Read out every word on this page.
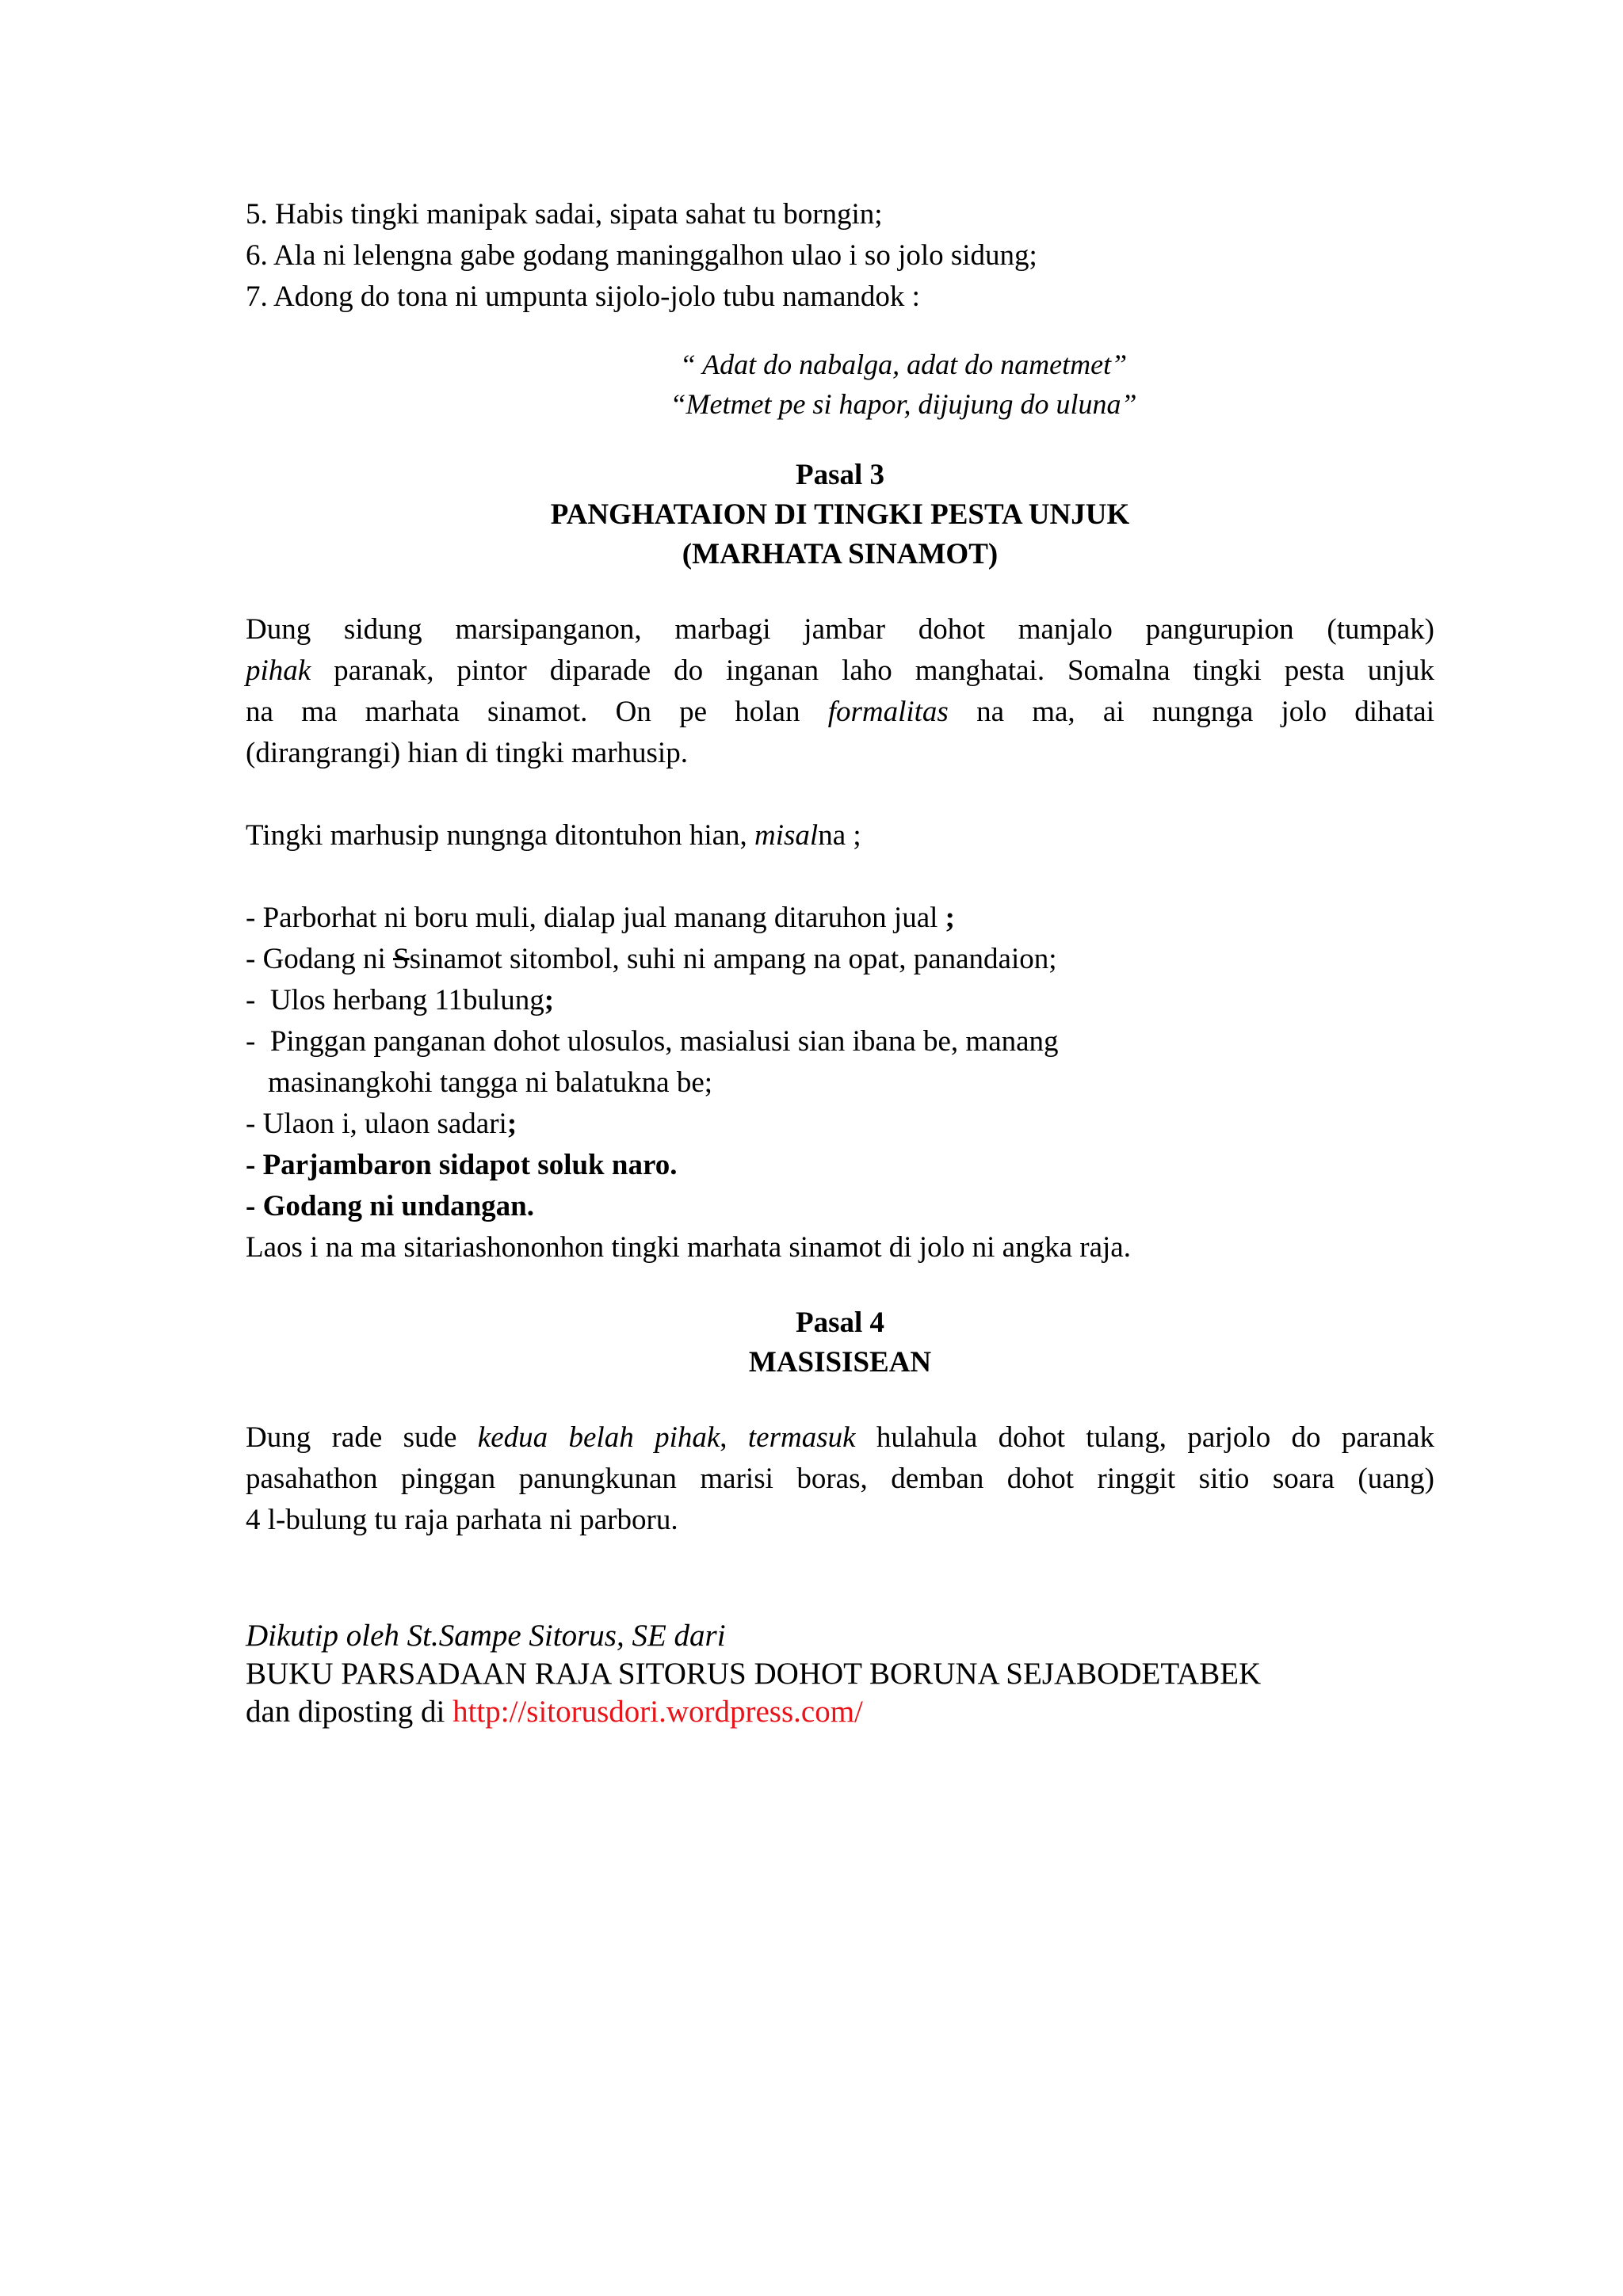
5. Habis tingki manipak sadai, sipata sahat tu borngin;
6. Ala ni lelengna gabe godang maninggalhon ulao i so jolo sidung;
7. Adong do tona ni umpunta sijolo-jolo tubu namandok :
“ Adat do nabalga, adat do nametmet”
“Metmet pe si hapor, dijujung do uluna”
Pasal 3
PANGHATAION DI TINGKI PESTA UNJUK
(MARHATA SINAMOT)
Dung sidung marsipanganon, marbagi jambar dohot manjalo pangurupion (tumpak)
pihak paranak, pintor diparade do inganan laho manghatai. Somalna tingki pesta unjuk
na ma marhata sinamot. On pe holan formalitas na ma, ai nungnga jolo dihatai
(dirangrangi) hian di tingki marhusip.
Tingki marhusip nungnga ditontuhon hian, misalna ;
- Parborhat ni boru muli, dialap jual manang ditaruhon jual ;
- Godang ni Ssinamot sitombol, suhi ni ampang na opat, panandaion;
-  Ulos herbang 11bulung;
-  Pinggan panganan dohot ulosulos, masialusi sian ibana be, manang
masinangkohi tangga ni balatukna be;
- Ulaon i, ulaon sadari;
- Parjambaron sidapot soluk naro.
- Godang ni undangan.
Laos i na ma sitariashononhon tingki marhata sinamot di jolo ni angka raja.
Pasal 4
MASISISEAN
Dung rade sude kedua belah pihak, termasuk hulahula dohot tulang, parjolo do paranak
pasahathon pinggan panungkunan marisi boras, demban dohot ringgit sitio soara (uang)
4 l-bulung tu raja parhata ni parboru.
Dikutip oleh St.Sampe Sitorus, SE dari
BUKU PARSADAAN RAJA SITORUS DOHOT BORUNA SEJABODETABEK
dan diposting di http://sitorusdori.wordpress.com/
